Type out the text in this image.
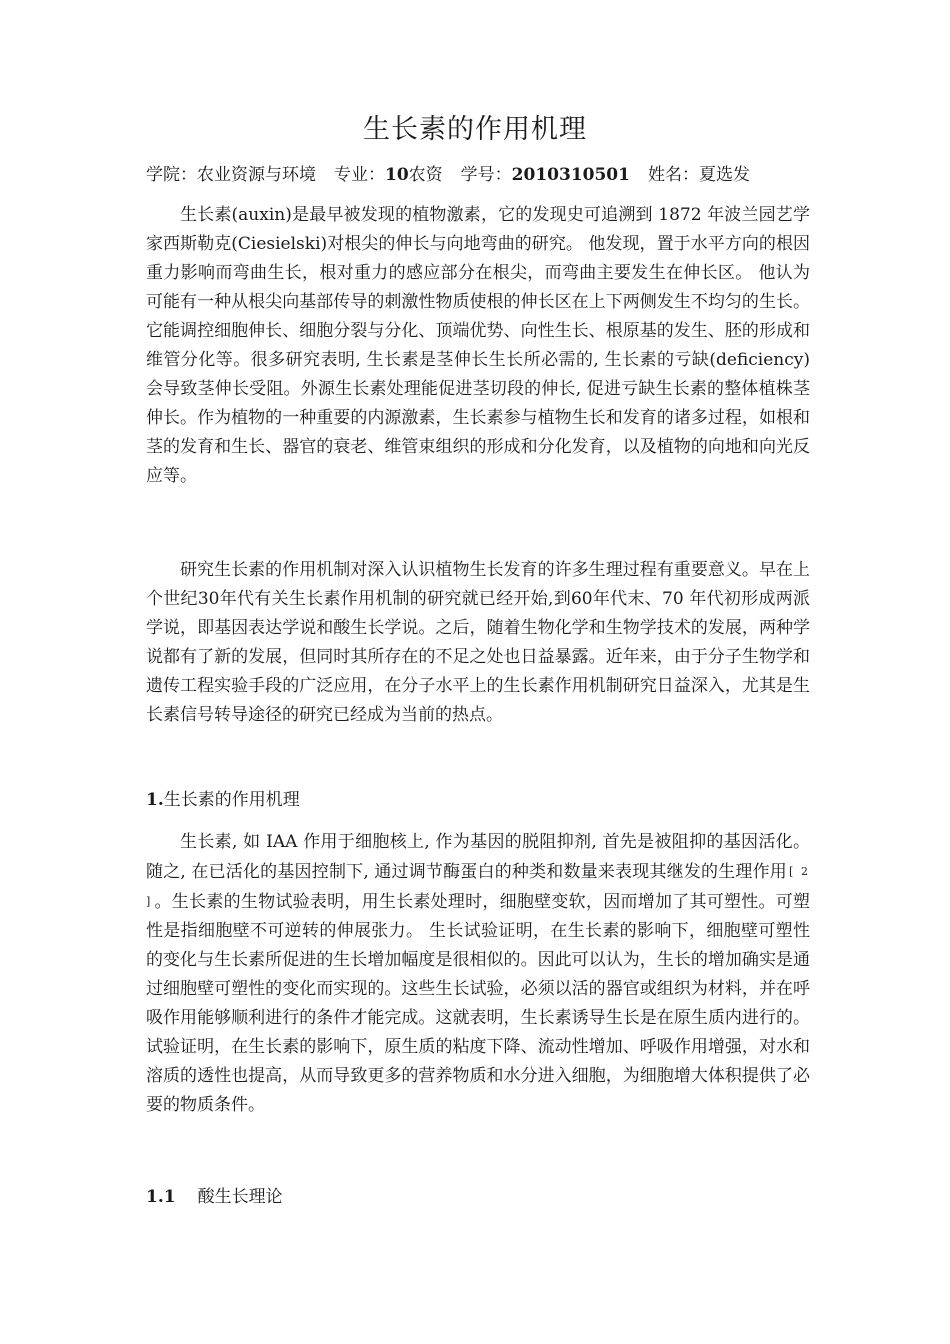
生长素的作用机理
学院：农业资源与环境 专业：10农资 学号：2010310501 姓名：夏选发

生长素(auxin)是最早被发现的植物激素，它的发现史可追溯到 1872 年波兰园艺学家西斯勒克(Ciesielski)对根尖的伸长与向地弯曲的研究。 他发现，置于水平方向的根因重力影响而弯曲生长，根对重力的感应部分在根尖，而弯曲主要发生在伸长区。 他认为可能有一种从根尖向基部传导的刺激性物质使根的伸长区在上下两侧发生不均匀的生长。它能调控细胞伸长、细胞分裂与分化、顶端优势、向性生长、根原基的发生、胚的形成和维管分化等。很多研究表明, 生长素是茎伸长生长所必需的, 生长素的亏缺(deficiency)会导致茎伸长受阻。外源生长素处理能促进茎切段的伸长, 促进亏缺生长素的整体植株茎伸长。作为植物的一种重要的内源激素，生长素参与植物生长和发育的诸多过程，如根和茎的发育和生长、器官的衰老、维管束组织的形成和分化发育，以及植物的向地和向光反应等。

研究生长素的作用机制对深入认识植物生长发育的许多生理过程有重要意义。早在上个世纪30年代有关生长素作用机制的研究就已经开始,到60年代末、70 年代初形成两派学说，即基因表达学说和酸生长学说。之后，随着生物化学和生物学技术的发展，两种学说都有了新的发展，但同时其所存在的不足之处也日益暴露。近年来，由于分子生物学和遗传工程实验手段的广泛应用，在分子水平上的生长素作用机制研究日益深入，尤其是生长素信号转导途径的研究已经成为当前的热点。

1.生长素的作用机理

生长素, 如 IAA 作用于细胞核上, 作为基因的脱阻抑剂, 首先是被阻抑的基因活化。随之, 在已活化的基因控制下, 通过调节酶蛋白的种类和数量来表现其继发的生理作用 [ 2 ] 。生长素的生物试验表明，用生长素处理时，细胞壁变软，因而增加了其可塑性。可塑性是指细胞壁不可逆转的伸展张力。 生长试验证明，在生长素的影响下，细胞壁可塑性的变化与生长素所促进的生长增加幅度是很相似的。因此可以认为，生长的增加确实是通过细胞壁可塑性的变化而实现的。这些生长试验，必须以活的器官或组织为材料，并在呼吸作用能够顺利进行的条件才能完成。这就表明，生长素诱导生长是在原生质内进行的。试验证明，在生长素的影响下，原生质的粘度下降、流动性增加、呼吸作用增强，对水和溶质的透性也提高，从而导致更多的营养物质和水分进入细胞，为细胞增大体积提供了必要的物质条件。

1.1 酸生长理论
